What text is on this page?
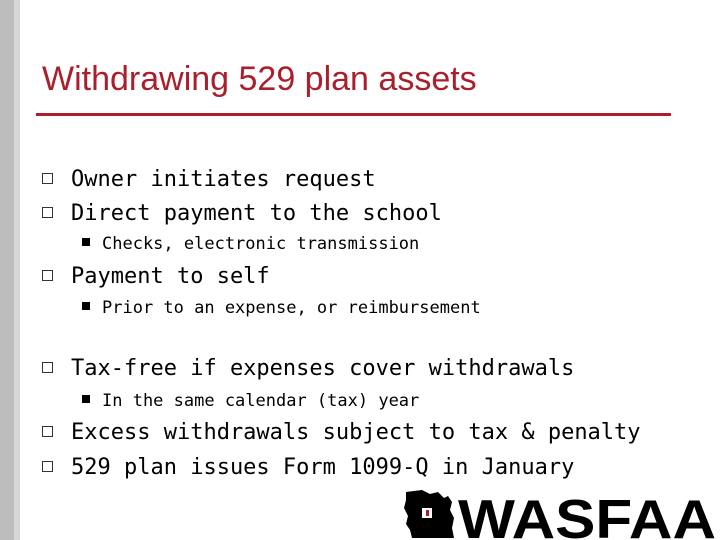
Withdrawing 529 plan assets
Owner initiates request
Direct payment to the school
Checks, electronic transmission
Payment to self
Prior to an expense, or reimbursement
Tax-free if expenses cover withdrawals
In the same calendar (tax) year
Excess withdrawals subject to tax & penalty
529 plan issues Form 1099-Q in January
WASFAA
